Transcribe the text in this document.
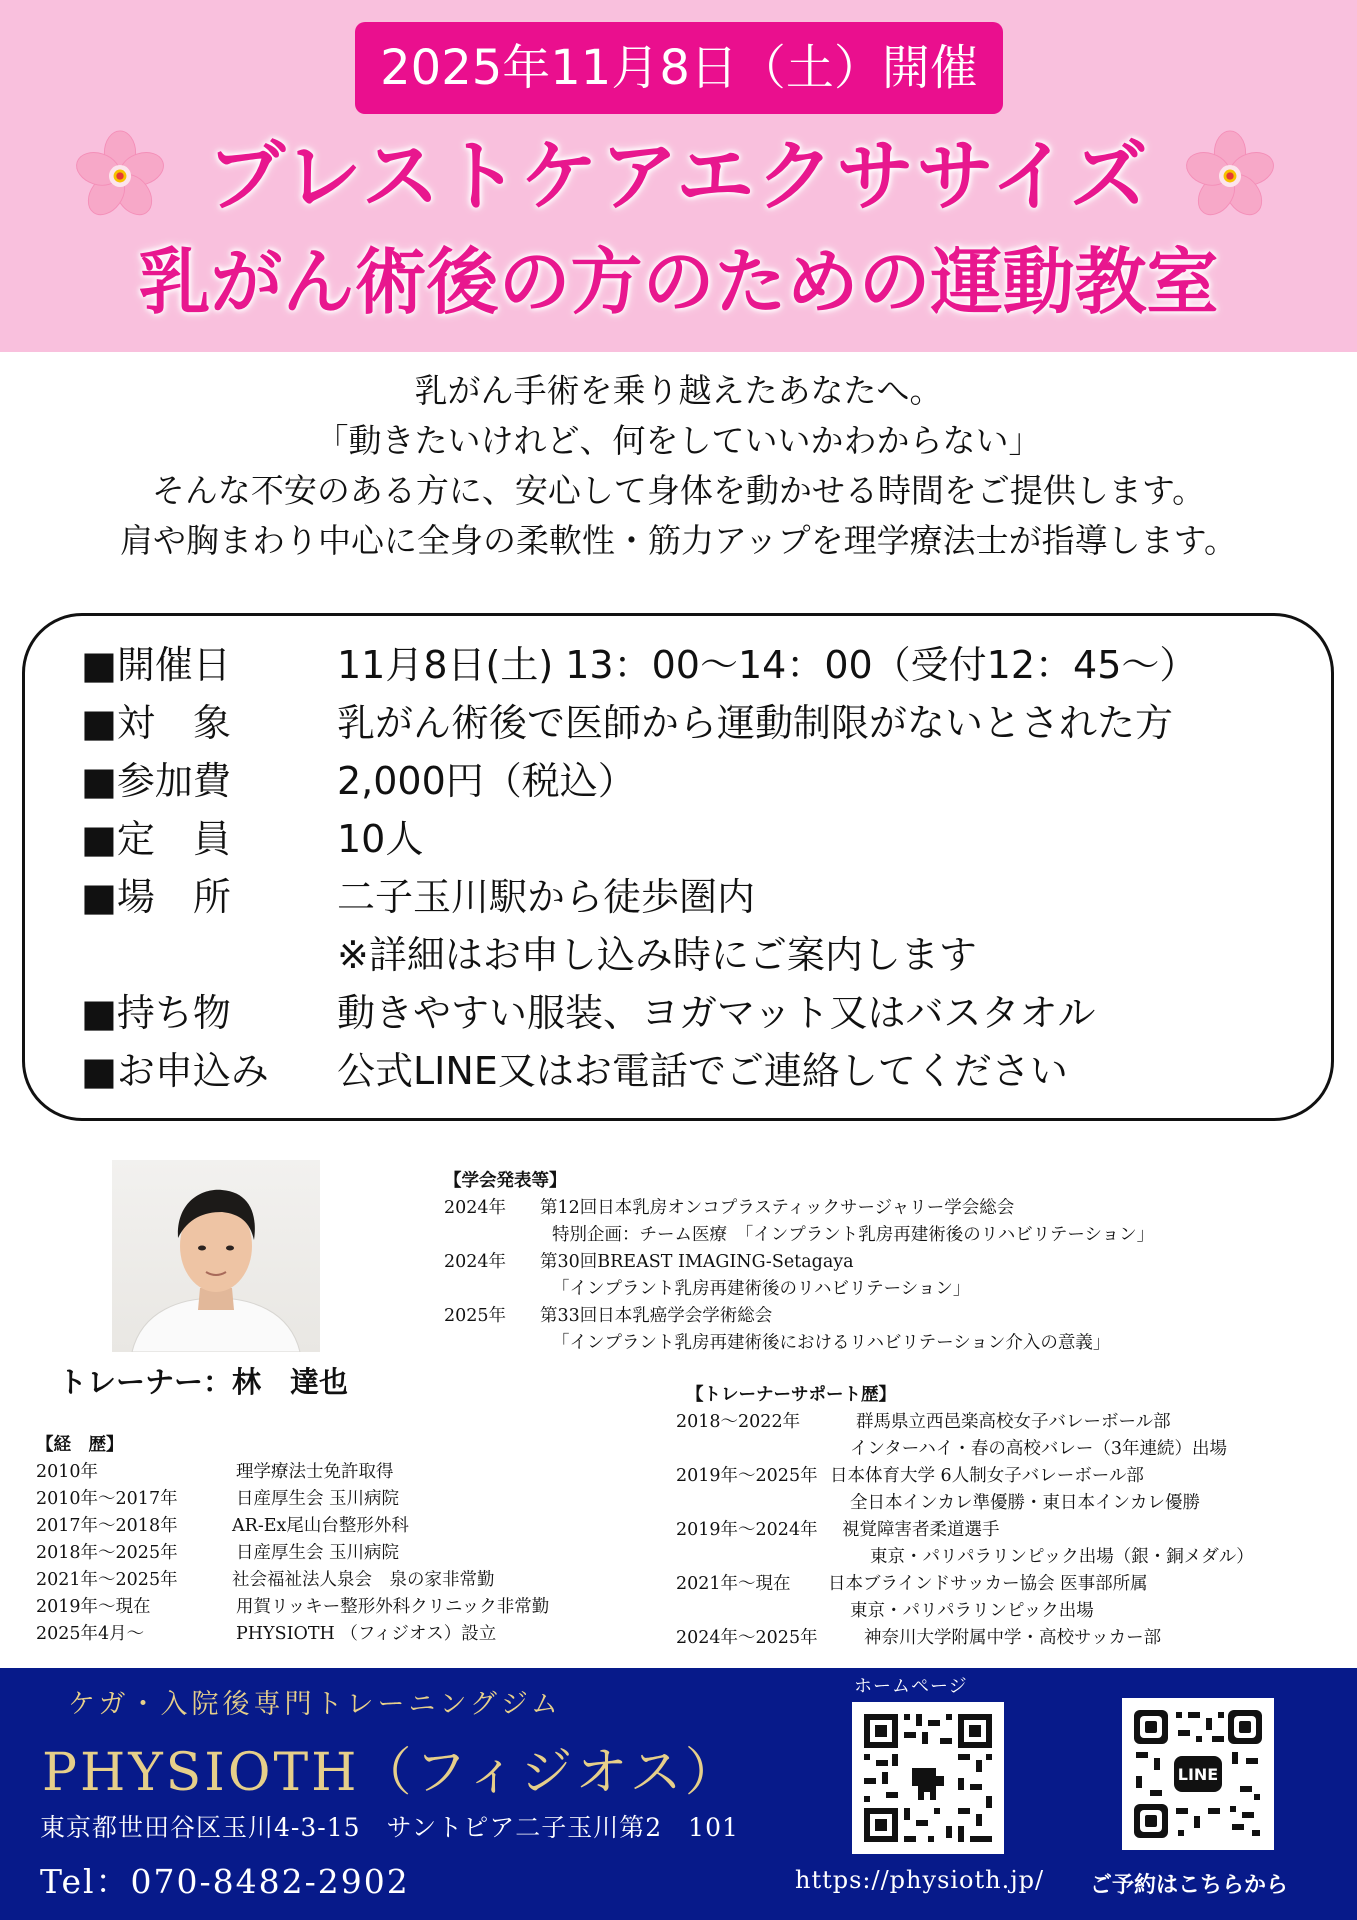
2025年11月8日（土）開催
ブレストケアエクササイズ
乳がん術後の方のための運動教室

乳がん手術を乗り越えたあなたへ。

「動きたいけれど、何をしていいかわからない」

そんな不安のある方に、安心して身体を動かせる時間をご提供します。

肩や胸まわり中心に全身の柔軟性・筋力アップを理学療法士が指導します。

■開催日	11月8日(土) 13：00～14：00（受付12：45～）
■対　象	乳がん術後で医師から運動制限がないとされた方
■参加費	2,000円（税込）
■定　員	10人
■場　所	二子玉川駅から徒歩圏内
※詳細はお申し込み時にご案内します
■持ち物	動きやすい服装、ヨガマット又はバスタオル
■お申込み	公式LINE又はお電話でご連絡してください
トレーナー：林　達也
【学会発表等】
2024年 第12回日本乳房オンコプラスティックサージャリー学会総会
特別企画：チーム医療　「インプラント乳房再建術後のリハビリテーション」
2024年 第30回BREAST IMAGING-Setagaya
「インプラント乳房再建術後のリハビリテーション」
2025年 第33回日本乳癌学会学術総会
「インプラント乳房再建術後におけるリハビリテーション介入の意義」
【経　歴】
2010年	理学療法士免許取得
2010年～2017年	日産厚生会 玉川病院
2017年～2018年	AR-Ex尾山台整形外科
2018年～2025年	日産厚生会 玉川病院
2021年～2025年	社会福祉法人泉会　泉の家非常勤
2019年～現在	用賀リッキー整形外科クリニック非常勤
2025年4月～	PHYSIOTH （フィジオス）設立
【トレーナーサポート歴】
2018～2022年	群馬県立西邑楽高校女子バレーボール部
インターハイ・春の高校バレー（3年連続）出場
2019年～2025年 日本体育大学 6人制女子バレーボール部
全日本インカレ準優勝・東日本インカレ優勝
2019年～2024年 視覚障害者柔道選手
東京・パリパラリンピック出場（銀・銅メダル）
2021年～現在 日本ブラインドサッカー協会 医事部所属
東京・パリパラリンピック出場
2024年～2025年	神奈川大学附属中学・高校サッカー部
ケガ・入院後専門トレーニングジム
PHYSIOTH（フィジオス）
東京都世田谷区玉川4-3-15　サントピア二子玉川第2　101
Tel：070-8482-2902
ホームページ
https://physioth.jp/
LINE
ご予約はこちらから
